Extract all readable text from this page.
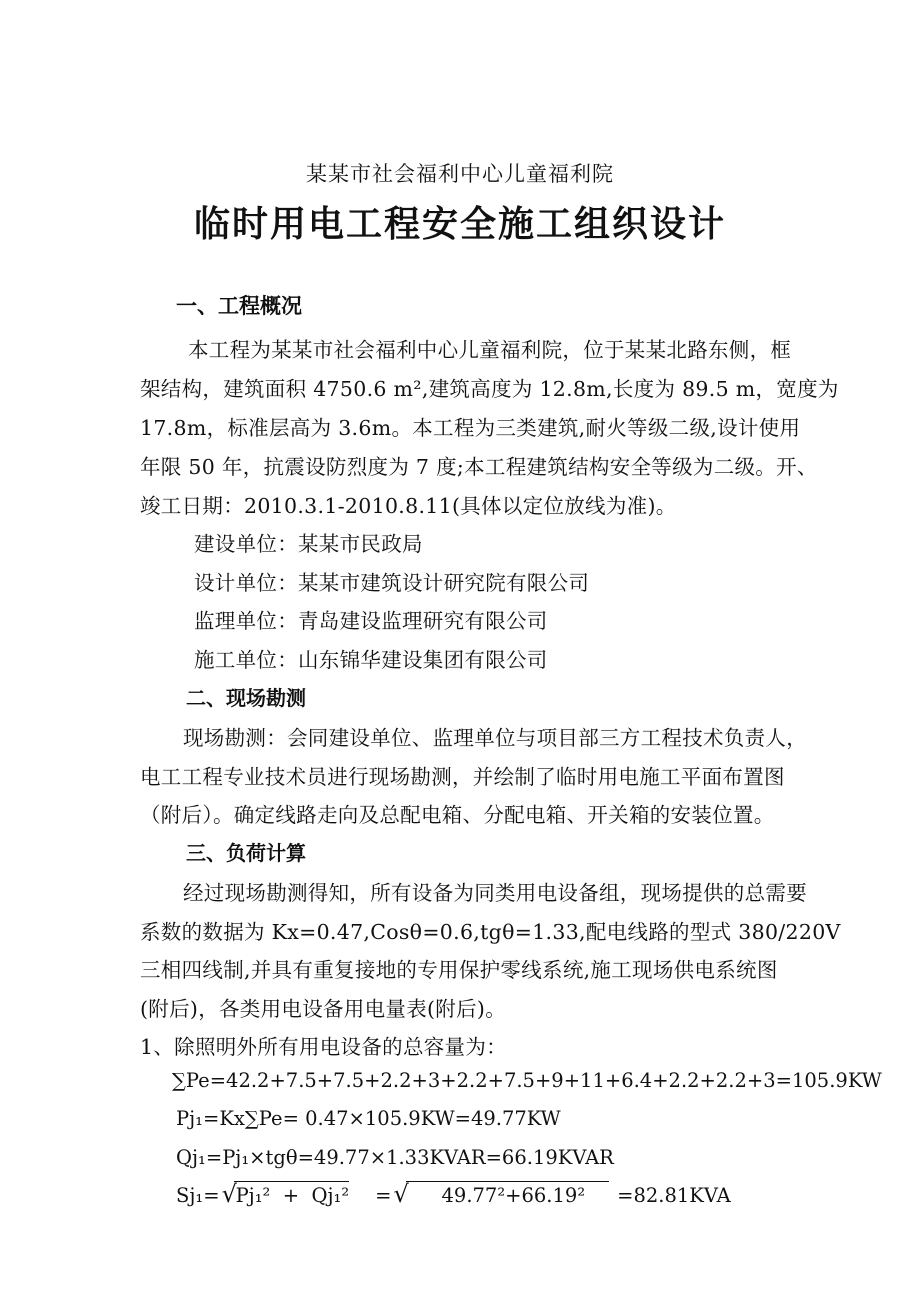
某某市社会福利中心儿童福利院
临时用电工程安全施工组织设计
一、工程概况
本工程为某某市社会福利中心儿童福利院，位于某某北路东侧，框
架结构，建筑面积 4750.6 m²,建筑高度为 12.8m,长度为 89.5 m，宽度为
17.8m，标准层高为 3.6m。本工程为三类建筑,耐火等级二级,设计使用
年限 50 年，抗震设防烈度为 7 度;本工程建筑结构安全等级为二级。开、
竣工日期：2010.3.1-2010.8.11(具体以定位放线为准)。
建设单位：某某市民政局
设计单位：某某市建筑设计研究院有限公司
监理单位：青岛建设监理研究有限公司
施工单位：山东锦华建设集团有限公司
二、现场勘测
现场勘测：会同建设单位、监理单位与项目部三方工程技术负责人，
电工工程专业技术员进行现场勘测，并绘制了临时用电施工平面布置图
（附后）。确定线路走向及总配电箱、分配电箱、开关箱的安装位置。
三、负荷计算
经过现场勘测得知，所有设备为同类用电设备组，现场提供的总需要
系数的数据为 Kx=0.47,Cosθ=0.6,tgθ=1.33,配电线路的型式 380/220V
三相四线制,并具有重复接地的专用保护零线系统,施工现场供电系统图
(附后)，各类用电设备用电量表(附后)。
1、除照明外所有用电设备的总容量为：
∑Pe=42.2+7.5+7.5+2.2+3+2.2+7.5+9+11+6.4+2.2+2.2+3=105.9KW
Pj₁=Kx∑Pe= 0.47×105.9KW=49.77KW
Qj₁=Pj₁×tgθ=49.77×1.33KVAR=66.19KVAR
Sj₁= √ Pj₁²  +  Qj₁² =	√ 49.77²+66.19² =82.81KVA
